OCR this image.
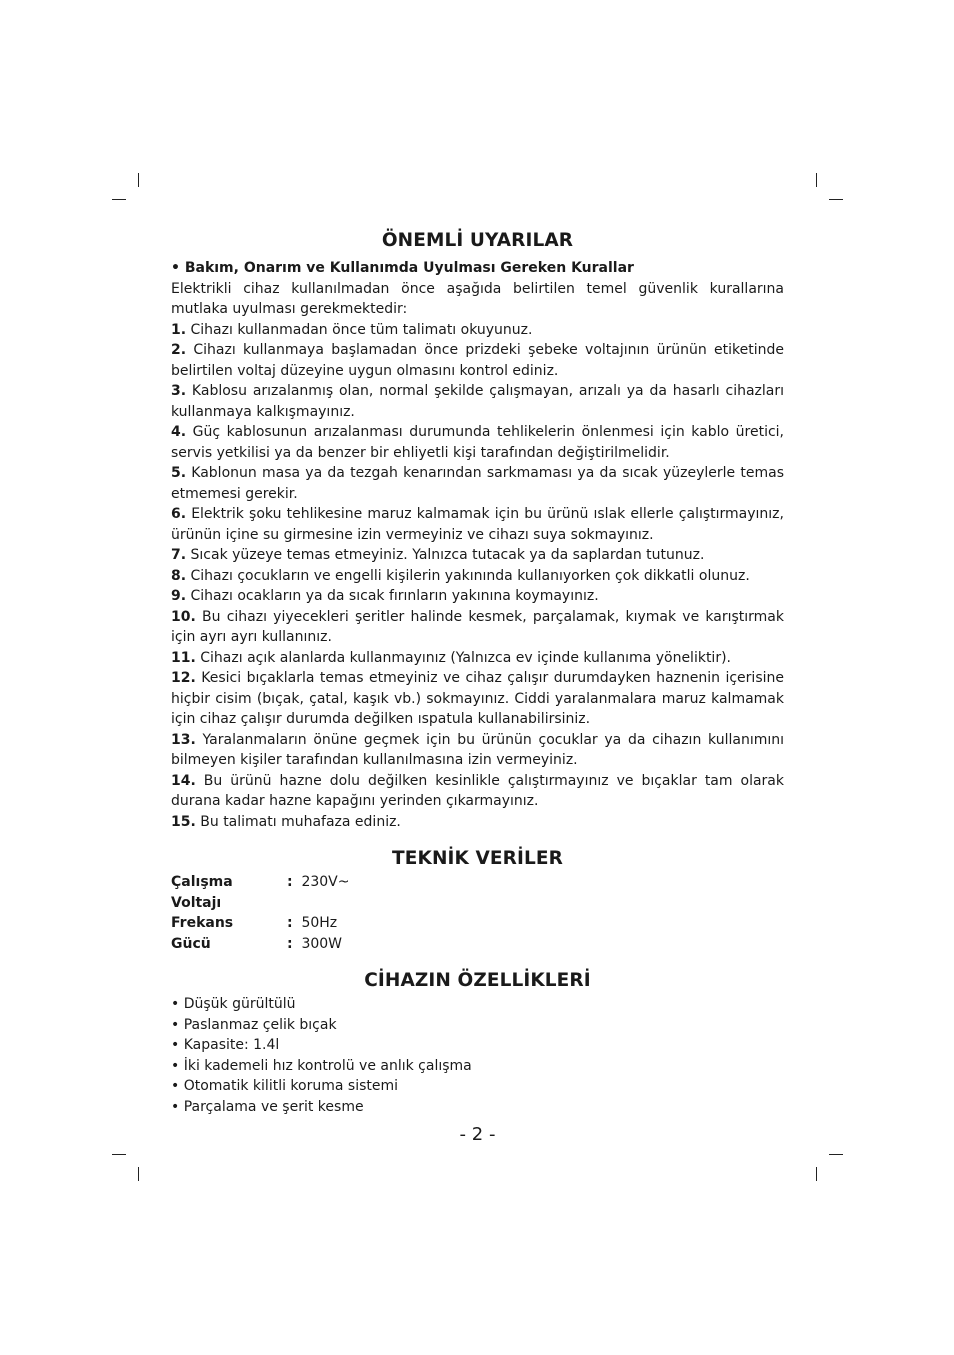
ÖNEMLİ UYARILAR
• Bakım, Onarım ve Kullanımda Uyulması Gereken Kurallar

Elektrikli cihaz kullanılmadan önce aşağıda belirtilen temel güvenlik kurallarına mutlaka uyulması gerekmektedir:

1. Cihazı kullanmadan önce tüm talimatı okuyunuz.

2. Cihazı kullanmaya başlamadan önce prizdeki şebeke voltajının ürünün etiketinde belirtilen voltaj düzeyine uygun olmasını kontrol ediniz.

3. Kablosu arızalanmış olan, normal şekilde çalışmayan, arızalı ya da hasarlı cihazları kullanmaya kalkışmayınız.

4. Güç kablosunun arızalanması durumunda tehlikelerin önlenmesi için kablo üretici, servis yetkilisi ya da benzer bir ehliyetli kişi tarafından değiştirilmelidir.

5. Kablonun masa ya da tezgah kenarından sarkmaması ya da sıcak yüzeylerle temas etmemesi gerekir.

6. Elektrik şoku tehlikesine maruz kalmamak için bu ürünü ıslak ellerle çalıştırmayınız, ürünün içine su girmesine izin vermeyiniz ve cihazı suya sokmayınız.

7. Sıcak yüzeye temas etmeyiniz. Yalnızca tutacak ya da saplardan tutunuz.

8. Cihazı çocukların ve engelli kişilerin yakınında kullanıyorken çok dikkatli olunuz.

9. Cihazı ocakların ya da sıcak fırınların yakınına koymayınız.

10. Bu cihazı yiyecekleri şeritler halinde kesmek, parçalamak, kıymak ve karıştırmak için ayrı ayrı kullanınız.

11. Cihazı açık alanlarda kullanmayınız (Yalnızca ev içinde kullanıma yöneliktir).

12. Kesici bıçaklarla temas etmeyiniz ve cihaz çalışır durumdayken haznenin içerisine hiçbir cisim (bıçak, çatal, kaşık vb.) sokmayınız. Ciddi yaralanmalara maruz kalmamak için cihaz çalışır durumda değilken ıspatula kullanabilirsiniz.

13. Yaralanmaların önüne geçmek için bu ürünün çocuklar ya da cihazın kullanımını bilmeyen kişiler tarafından kullanılmasına izin vermeyiniz.

14. Bu ürünü hazne dolu değilken kesinlikle çalıştırmayınız ve bıçaklar tam olarak durana kadar hazne kapağını yerinden çıkarmayınız.

15. Bu talimatı muhafaza ediniz.

TEKNİK VERİLER
Çalışma Voltajı
: 230V~
Frekans	: 50Hz
Gücü	: 300W
CİHAZIN ÖZELLİKLERİ
• Düşük gürültülü
• Paslanmaz çelik bıçak
• Kapasite: 1.4l
• İki kademeli hız kontrolü ve anlık çalışma
• Otomatik kilitli koruma sistemi
• Parçalama ve şerit kesme
- 2 -
